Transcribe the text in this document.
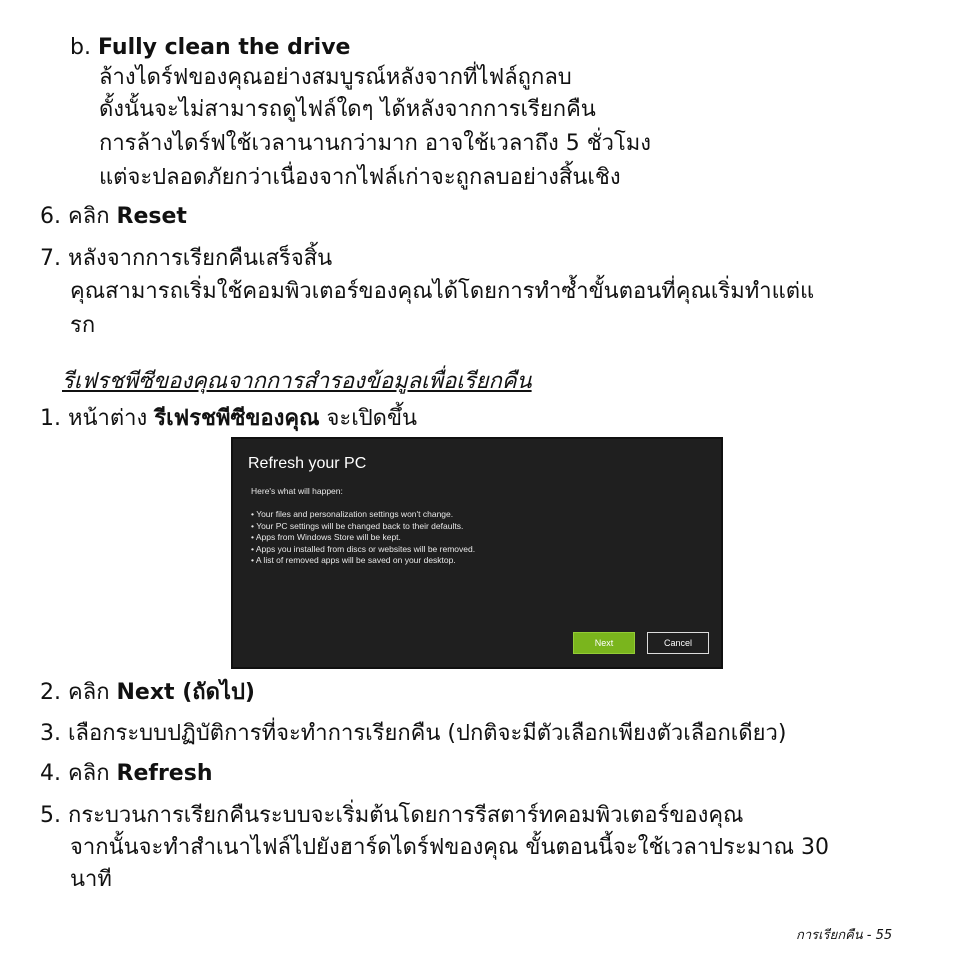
b. Fully clean the drive
ล้างไดร์ฟของคุณอย่างสมบูรณ์หลังจากที่ไฟล์ถูกลบ
ดั้งนั้นจะไม่สามารถดูไฟล์ใดๆ ได้หลังจากการเรียกคืน
การล้างไดร์ฟใช้เวลานานกว่ามาก อาจใช้เวลาถึง 5 ชั่วโมง
แต่จะปลอดภัยกว่าเนื่องจากไฟล์เก่าจะถูกลบอย่างสิ้นเชิง
6. คลิก Reset
7. หลังจากการเรียกคืนเสร็จสิ้น
คุณสามารถเริ่มใช้คอมพิวเตอร์ของคุณได้โดยการทำซ้ำขั้นตอนที่คุณเริ่มทำแต่แ
รก
รีเฟรชพีซีของคุณจากการสำรองข้อมูลเพื่อเรียกคืน
1. หน้าต่าง รีเฟรชพีซีของคุณ จะเปิดขึ้น
Refresh your PC
Here's what will happen:
• Your files and personalization settings won't change.
• Your PC settings will be changed back to their defaults.
• Apps from Windows Store will be kept.
• Apps you installed from discs or websites will be removed.
• A list of removed apps will be saved on your desktop.
Next	Cancel
2. คลิก Next (ถัดไป)
3. เลือกระบบปฏิบัติการที่จะทำการเรียกคืน (ปกติจะมีตัวเลือกเพียงตัวเลือกเดียว)
4. คลิก Refresh
5. กระบวนการเรียกคืนระบบจะเริ่มต้นโดยการรีสตาร์ทคอมพิวเตอร์ของคุณ
จากนั้นจะทำสำเนาไฟล์ไปยังฮาร์ดไดร์ฟของคุณ ขั้นตอนนี้จะใช้เวลาประมาณ 30
นาที
การเรียกคืน - 55
